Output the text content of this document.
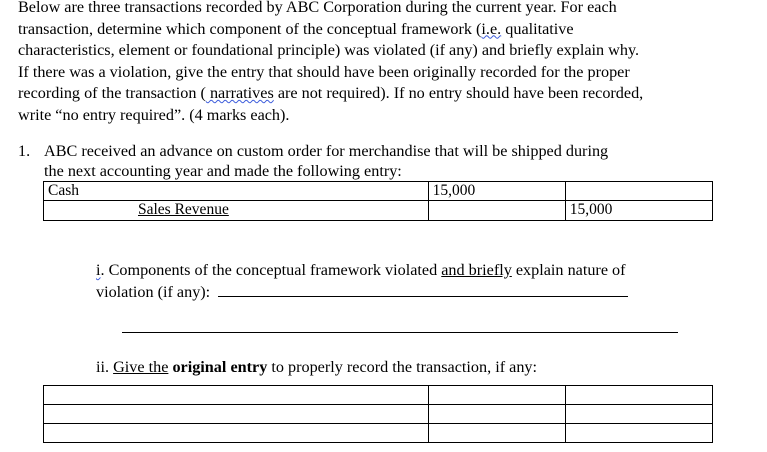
Below are three transactions recorded by ABC Corporation during the current year. For each

transaction, determine which component of the conceptual framework (i.e. qualitative

characteristics, element or foundational principle) was violated (if any) and briefly explain why.

If there was a violation, give the entry that should have been originally recorded for the proper

recording of the transaction ( narratives are not required). If no entry should have been recorded,

write “no entry required”. (4 marks each).

1. ABC received an advance on custom order for merchandise that will be shipped during
the next accounting year and made the following entry:
Cash	15,000	
Sales Revenue		15,000
i. Components of the conceptual framework violated and briefly explain nature of
violation (if any):
ii. Give the original entry to properly record the transaction, if any:
